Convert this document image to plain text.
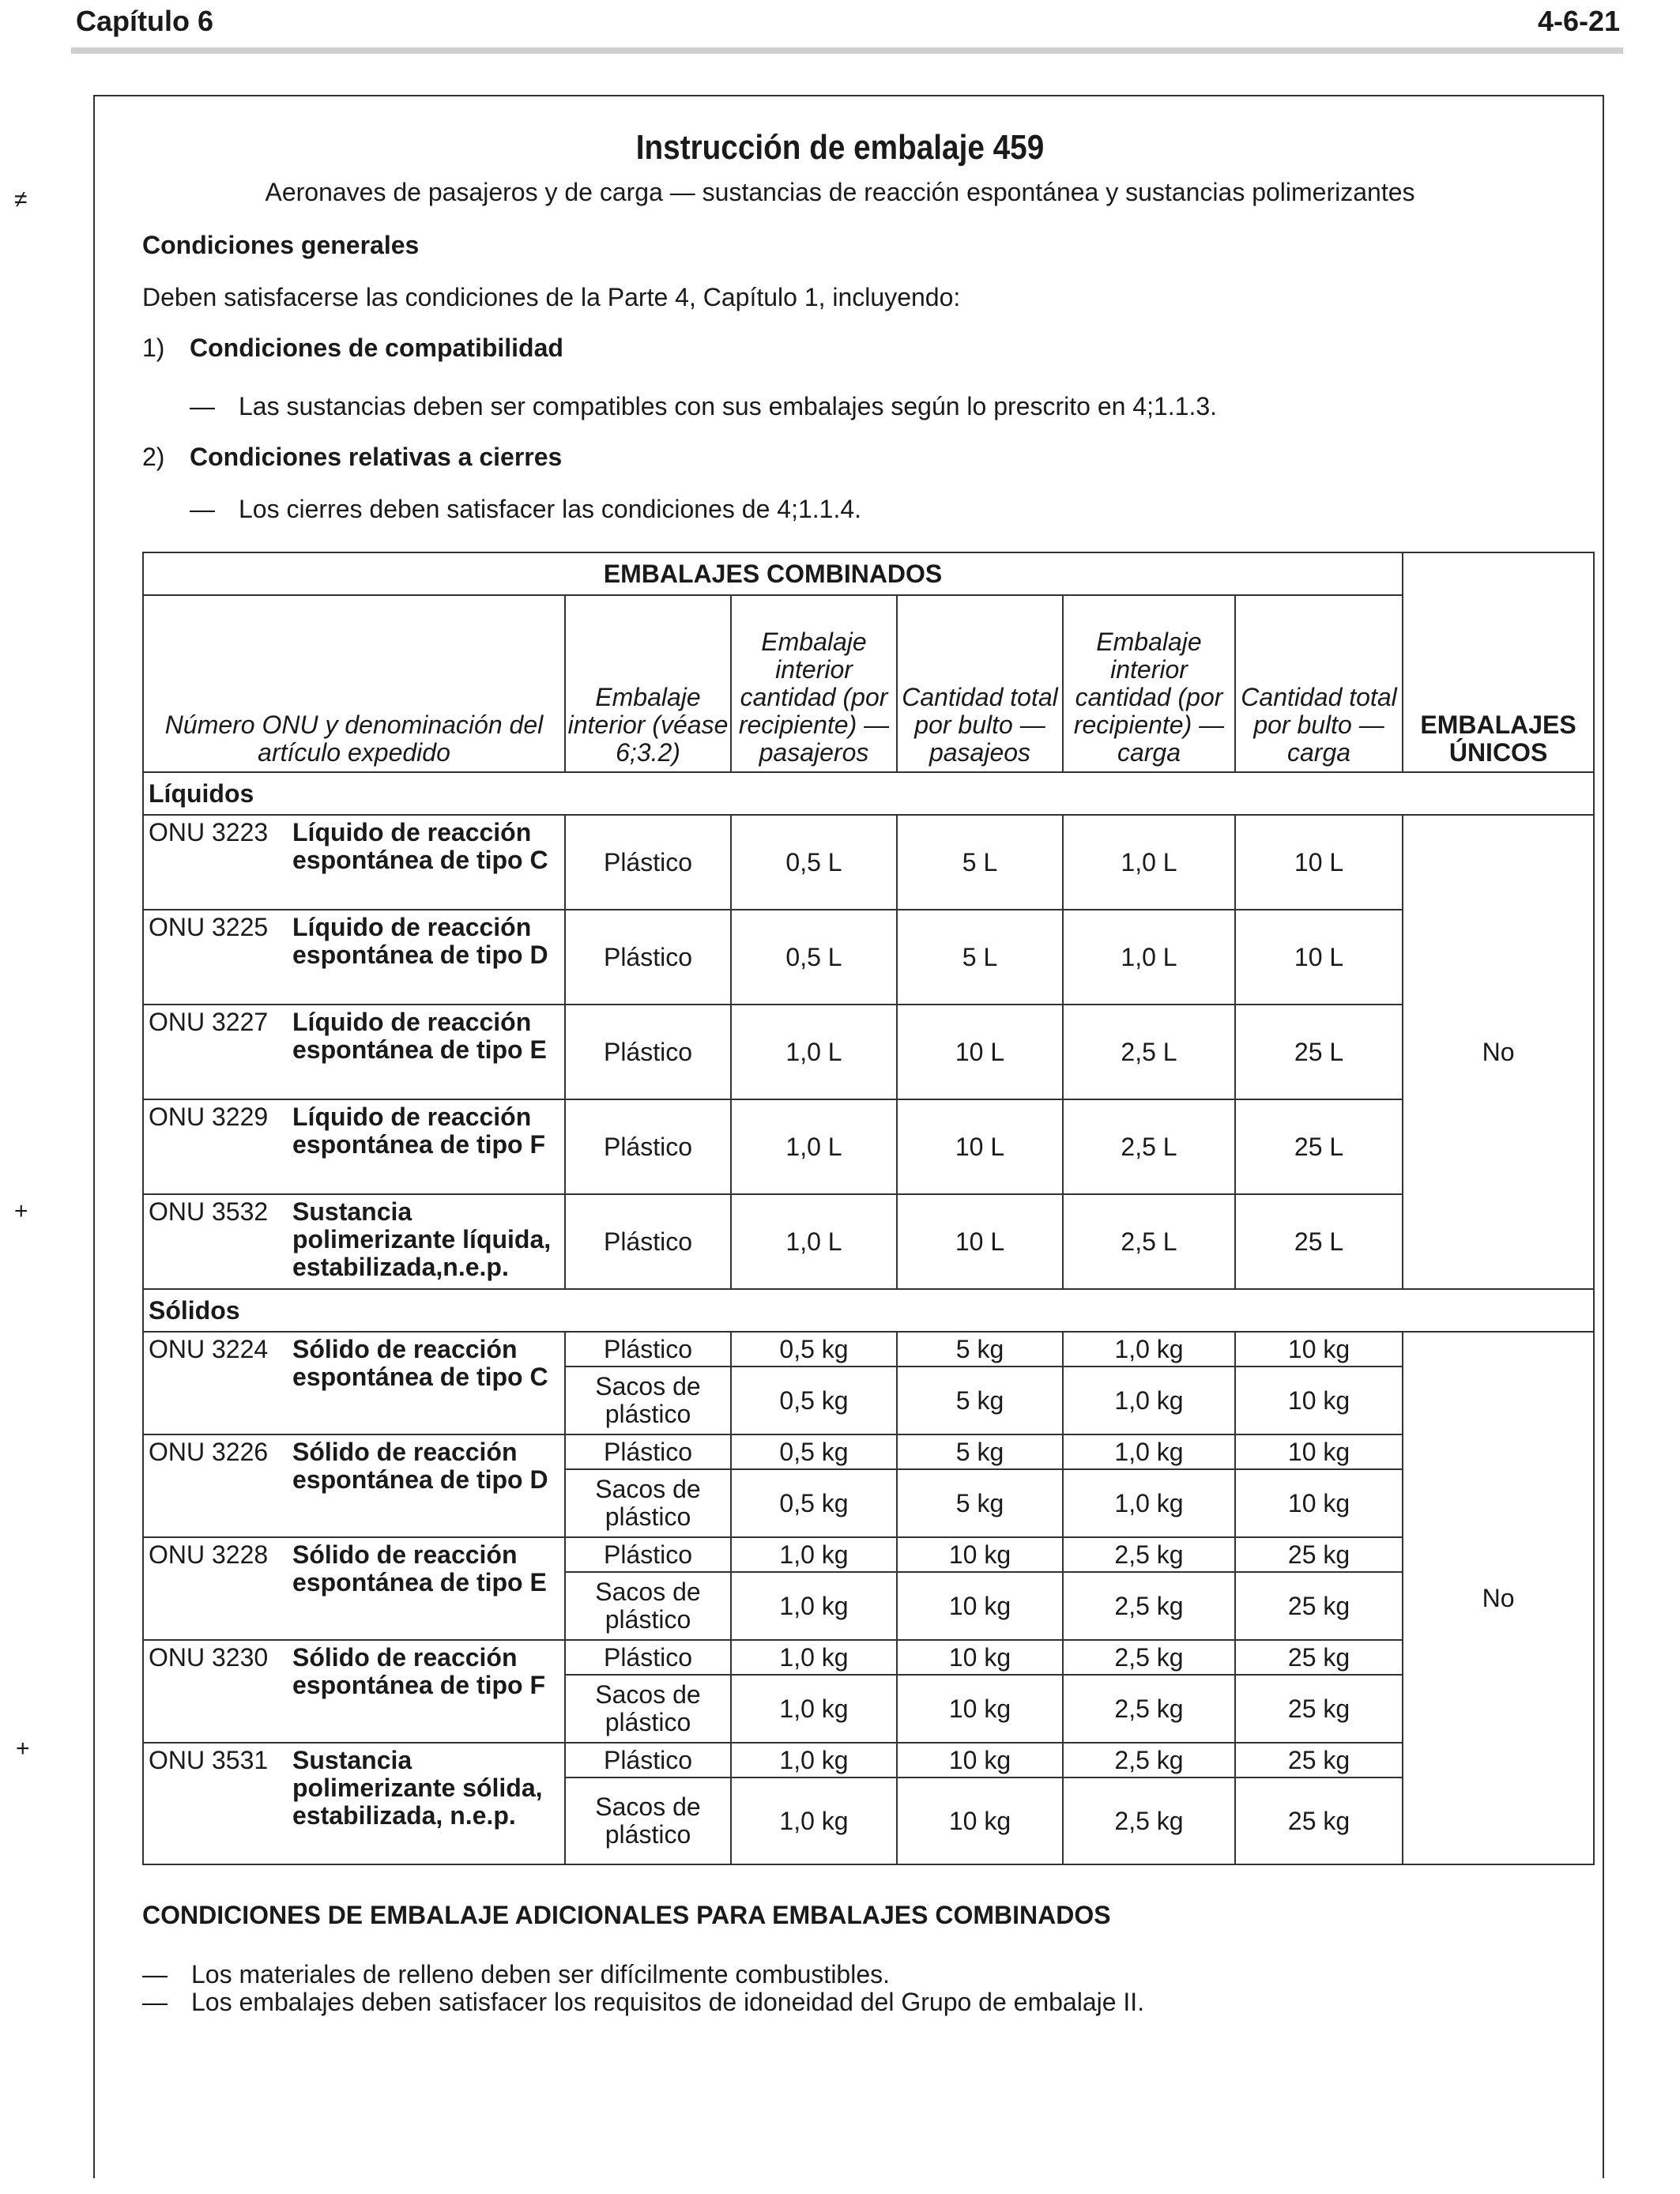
Capítulo 6	4-6-21
≠
+
+
Instrucción de embalaje 459
Aeronaves de pasajeros y de carga — sustancias de reacción espontánea y sustancias polimerizantes
Condiciones generales
Deben satisfacerse las condiciones de la Parte 4, Capítulo 1, incluyendo:
1) Condiciones de compatibilidad
— Las sustancias deben ser compatibles con sus embalajes según lo prescrito en 4;1.1.3.
2) Condiciones relativas a cierres
— Los cierres deben satisfacer las condiciones de 4;1.1.4.
EMBALAJES COMBINADOS						EMBALAJES ÚNICOS
Número ONU y denominación del artículo expedido	Embalaje interior (véase 6;3.2)	Embalaje interior cantidad (por recipiente) — pasajeros	Cantidad total por bulto — pasajeos	Embalaje interior cantidad (por recipiente) — carga	Cantidad total por bulto — carga	
Líquidos						

ONU 3223 Líquido de reacción espontánea de tipo C	Plástico	0,5 L	5 L	1,0 L	10 L	No

ONU 3225 Líquido de reacción espontánea de tipo D	Plástico	0,5 L	5 L	1,0 L	10 L	

ONU 3227 Líquido de reacción espontánea de tipo E	Plástico	1,0 L	10 L	2,5 L	25 L	

ONU 3229 Líquido de reacción espontánea de tipo F	Plástico	1,0 L	10 L	2,5 L	25 L	

ONU 3532 Sustancia polimerizante líquida, estabilizada,n.e.p.	Plástico	1,0 L	10 L	2,5 L	25 L	
Sólidos						

ONU 3224 Sólido de reacción espontánea de tipo C	Plástico	0,5 kg	5 kg	1,0 kg	10 kg	No
	Sacos de plástico	0,5 kg	5 kg	1,0 kg	10 kg	

ONU 3226 Sólido de reacción espontánea de tipo D	Plástico	0,5 kg	5 kg	1,0 kg	10 kg	
	Sacos de plástico	0,5 kg	5 kg	1,0 kg	10 kg	

ONU 3228 Sólido de reacción espontánea de tipo E	Plástico	1,0 kg	10 kg	2,5 kg	25 kg	
	Sacos de plástico	1,0 kg	10 kg	2,5 kg	25 kg	

ONU 3230 Sólido de reacción espontánea de tipo F	Plástico	1,0 kg	10 kg	2,5 kg	25 kg	
	Sacos de plástico	1,0 kg	10 kg	2,5 kg	25 kg	

ONU 3531 Sustancia polimerizante sólida, estabilizada, n.e.p.	Plástico	1,0 kg	10 kg	2,5 kg	25 kg	
	Sacos de plástico	1,0 kg	10 kg	2,5 kg	25 kg	
CONDICIONES DE EMBALAJE ADICIONALES PARA EMBALAJES COMBINADOS
— Los materiales de relleno deben ser difícilmente combustibles.
— Los embalajes deben satisfacer los requisitos de idoneidad del Grupo de embalaje II.
